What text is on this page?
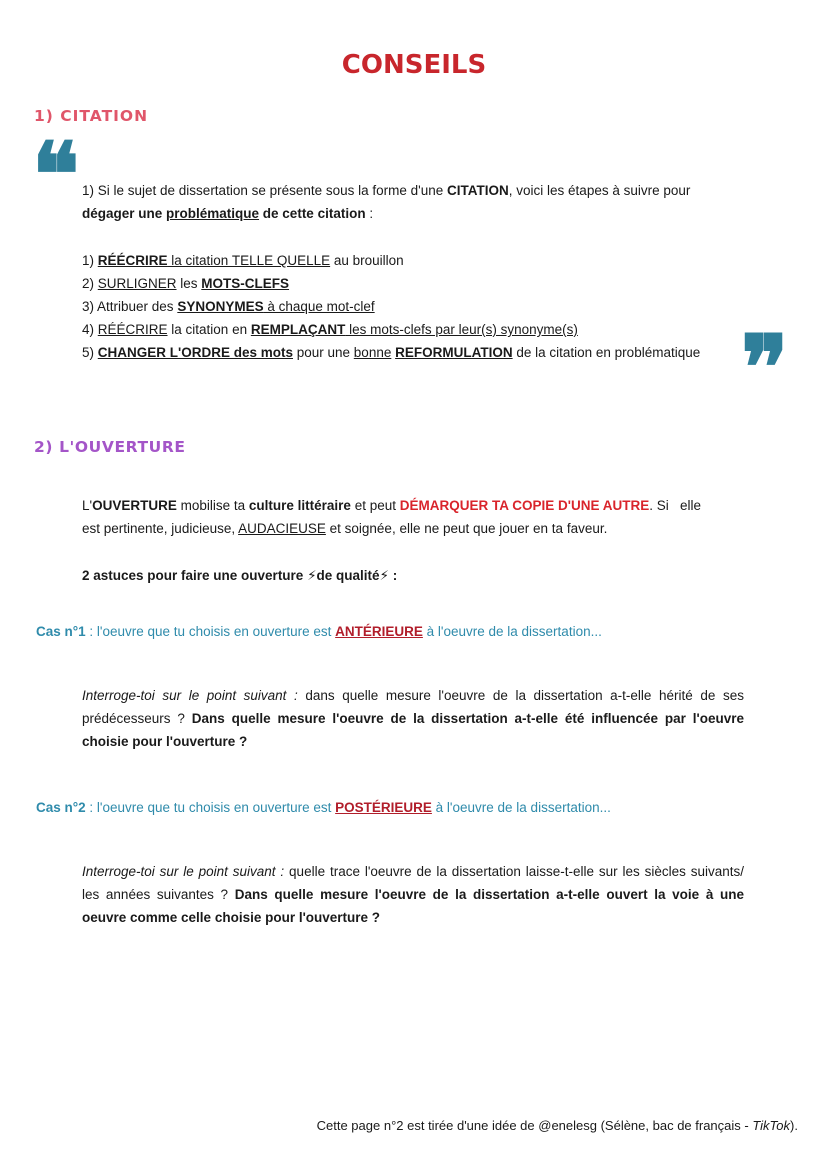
CONSEILS
1) CITATION
❝ 1) Si le sujet de dissertation se présente sous la forme d'une CITATION, voici les étapes à suivre pour
dégager une problématique de cette citation :
1) RÉÉCRIRE la citation TELLE QUELLE au brouillon
2) SURLIGNER les MOTS-CLEFS
3) Attribuer des SYNONYMES à chaque mot-clef
4) RÉÉCRIRE la citation en REMPLAÇANT les mots-clefs par leur(s) synonyme(s)
5) CHANGER L'ORDRE des mots pour une bonne REFORMULATION de la citation en problématique ❞
2) L'OUVERTURE
L'OUVERTURE mobilise ta culture littéraire et peut DÉMARQUER TA COPIE D'UNE AUTRE. Si   elle
est pertinente, judicieuse, AUDACIEUSE et soignée, elle ne peut que jouer en ta faveur.
2 astuces pour faire une ouverture ⚡de qualité⚡ :
Cas n°1 : l'oeuvre que tu choisis en ouverture est ANTÉRIEURE à l'oeuvre de la dissertation...
Interroge-toi sur le point suivant : dans quelle mesure l'oeuvre de la dissertation a-t-elle hérité de ses prédécesseurs ? Dans quelle mesure l'oeuvre de la dissertation a-t-elle été influencée par l'oeuvre choisie pour l'ouverture ?
Cas n°2 : l'oeuvre que tu choisis en ouverture est POSTÉRIEURE à l'oeuvre de la dissertation...
Interroge-toi sur le point suivant : quelle trace l'oeuvre de la dissertation laisse-t-elle sur les siècles suivants/ les années suivantes ? Dans quelle mesure l'oeuvre de la dissertation a-t-elle ouvert la voie à une oeuvre comme celle choisie pour l'ouverture ?
Cette page n°2 est tirée d'une idée de @enelesg (Sélène, bac de français - TikTok).
